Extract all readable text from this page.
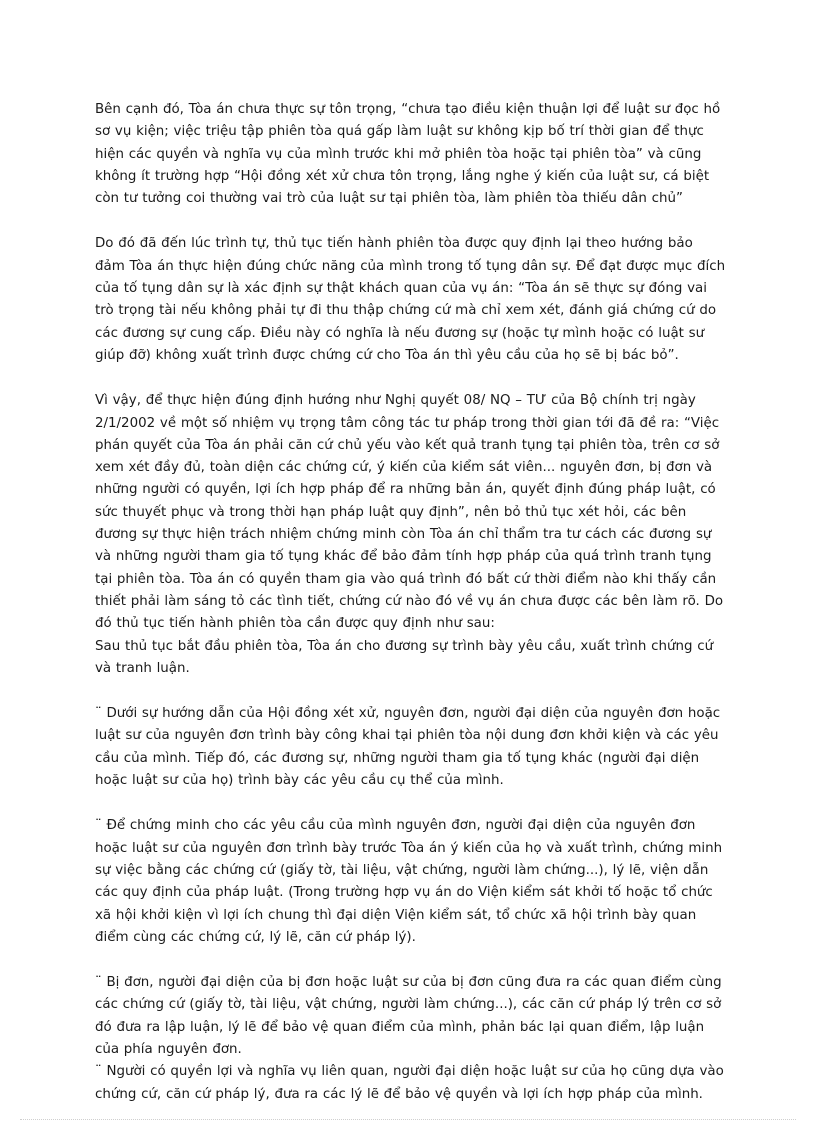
Bên cạnh đó, Tòa án chưa thực sự tôn trọng, “chưa tạo điều kiện thuận lợi để luật sư đọc hồ sơ vụ kiện; việc triệu tập phiên tòa quá gấp làm luật sư không kịp bố trí thời gian để thực hiện các quyền và nghĩa vụ của mình trước khi mở phiên tòa hoặc tại phiên tòa” và cũng không ít trường hợp “Hội đồng xét xử chưa tôn trọng, lắng nghe ý kiến của luật sư, cá biệt còn tư tưởng coi thường vai trò của luật sư tại phiên tòa, làm phiên tòa thiếu dân chủ”

Do đó đã đến lúc trình tự, thủ tục tiến hành phiên tòa được quy định lại theo hướng bảo đảm Tòa án thực hiện đúng chức năng của mình trong tố tụng dân sự. Để đạt được mục đích của tố tụng dân sự là xác định sự thật khách quan của vụ án: “Tòa án sẽ thực sự đóng vai trò trọng tài nếu không phải tự đi thu thập chứng cứ mà chỉ xem xét, đánh giá chứng cứ do các đương sự cung cấp. Điều này có nghĩa là nếu đương sự (hoặc tự mình hoặc có luật sư giúp đỡ) không xuất trình được chứng cứ cho Tòa án thì yêu cầu của họ sẽ bị bác bỏ”.

Vì vậy, để thực hiện đúng định hướng như Nghị quyết 08/ NQ – TƯ của Bộ chính trị ngày 2/1/2002 về một số nhiệm vụ trọng tâm công tác tư pháp trong thời gian tới đã đề ra: “Việc phán quyết của Tòa án phải căn cứ chủ yếu vào kết quả tranh tụng tại phiên tòa, trên cơ sở xem xét đầy đủ, toàn diện các chứng cứ, ý kiến của kiểm sát viên... nguyên đơn, bị đơn và những người có quyền, lợi ích hợp pháp để ra những bản án, quyết định đúng pháp luật, có sức thuyết phục và trong thời hạn pháp luật quy định”, nên bỏ thủ tục xét hỏi, các bên đương sự thực hiện trách nhiệm chứng minh còn Tòa án chỉ thẩm tra tư cách các đương sự và những người tham gia tố tụng khác để bảo đảm tính hợp pháp của quá trình tranh tụng tại phiên tòa. Tòa án có quyền tham gia vào quá trình đó bất cứ thời điểm nào khi thấy cần thiết phải làm sáng tỏ các tình tiết, chứng cứ nào đó về vụ án chưa được các bên làm rõ. Do đó thủ tục tiến hành phiên tòa cần được quy định như sau:

Sau thủ tục bắt đầu phiên tòa, Tòa án cho đương sự trình bày yêu cầu, xuất trình chứng cứ và tranh luận.

¨ Dưới sự hướng dẫn của Hội đồng xét xử, nguyên đơn, người đại diện của nguyên đơn hoặc luật sư của nguyên đơn trình bày công khai tại phiên tòa nội dung đơn khởi kiện và các yêu cầu của mình. Tiếp đó, các đương sự, những người tham gia tố tụng khác (người đại diện hoặc luật sư của họ) trình bày các yêu cầu cụ thể của mình.

¨ Để chứng minh cho các yêu cầu của mình nguyên đơn, người đại diện của nguyên đơn hoặc luật sư của nguyên đơn trình bày trước Tòa án ý kiến của họ và xuất trình, chứng minh sự việc bằng các chứng cứ (giấy tờ, tài liệu, vật chứng, người làm chứng...), lý lẽ, viện dẫn các quy định của pháp luật. (Trong trường hợp vụ án do Viện kiểm sát khởi tố hoặc tổ chức xã hội khởi kiện vì lợi ích chung thì đại diện Viện kiểm sát, tổ chức xã hội trình bày quan điểm cùng các chứng cứ, lý lẽ, căn cứ pháp lý).

¨ Bị đơn, người đại diện của bị đơn hoặc luật sư của bị đơn cũng đưa ra các quan điểm cùng các chứng cứ (giấy tờ, tài liệu, vật chứng, người làm chứng...), các căn cứ pháp lý trên cơ sở đó đưa ra lập luận, lý lẽ để bảo vệ quan điểm của mình, phản bác lại quan điểm, lập luận của phía nguyên đơn.

¨ Người có quyền lợi và nghĩa vụ liên quan, người đại diện hoặc luật sư của họ cũng dựa vào chứng cứ, căn cứ pháp lý, đưa ra các lý lẽ để bảo vệ quyền và lợi ích hợp pháp của mình.
